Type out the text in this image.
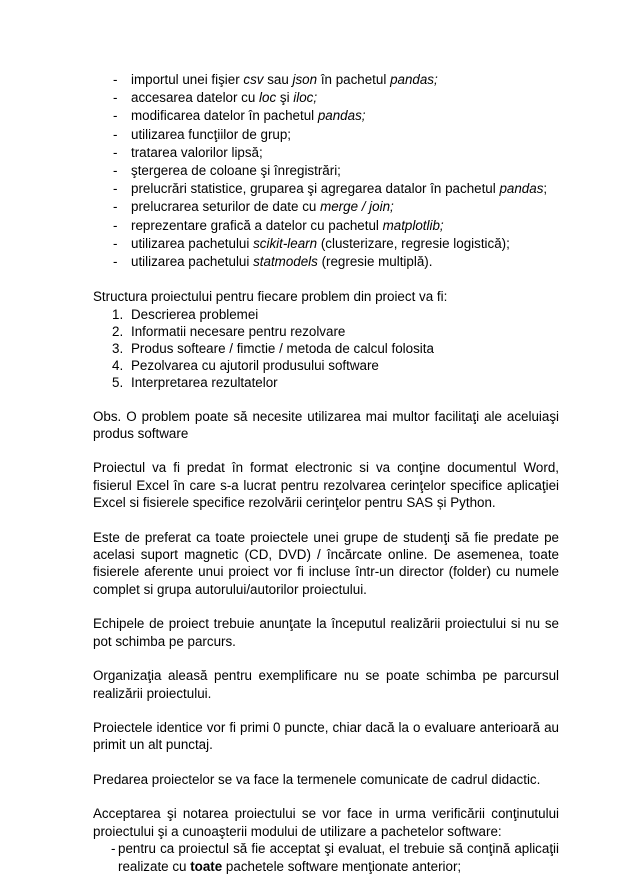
- importul unei fişier csv sau json în pachetul pandas;
- accesarea datelor cu loc şi iloc;
- modificarea datelor în pachetul pandas;
- utilizarea funcţiilor de grup;
- tratarea valorilor lipsă;
- ştergerea de coloane şi înregistrări;
- prelucrări statistice, gruparea şi agregarea datalor în pachetul pandas;
- prelucrarea seturilor de date cu merge / join;
- reprezentare grafică a datelor cu pachetul matplotlib;
- utilizarea pachetului scikit-learn (clusterizare, regresie logistică);
- utilizarea pachetului statmodels (regresie multiplă).

Structura proiectului pentru fiecare problem din proiect va fi:

1. Descrierea problemei
2. Informatii necesare pentru rezolvare
3. Produs softeare / fimctie / metoda de calcul folosita
4. Pezolvarea cu ajutoril produsului software
5. Interpretarea rezultatelor

Obs. O problem poate să necesite utilizarea mai multor facilitaţi ale aceluiaşi produs software

Proiectul va fi predat în format electronic si va conţine documentul Word, fisierul Excel în care s-a lucrat pentru rezolvarea cerinţelor specifice aplicaţiei Excel si fisierele specifice rezolvării cerinţelor pentru SAS și Python.

Este de preferat ca toate proiectele unei grupe de studenţi să fie predate pe acelasi suport magnetic (CD, DVD) / încărcate online. De asemenea, toate fisierele aferente unui proiect vor fi incluse într-un director (folder) cu numele complet si grupa autorului/autorilor proiectului.

Echipele de proiect trebuie anunţate la începutul realizării proiectului si nu se pot schimba pe parcurs.

Organizaţia aleasă pentru exemplificare nu se poate schimba pe parcursul realizării proiectului.

Proiectele identice vor fi primi 0 puncte, chiar dacă la o evaluare anterioară au primit un alt punctaj.

Predarea proiectelor se va face la termenele comunicate de cadrul didactic.

Acceptarea şi notarea proiectului se vor face in urma verificării conţinutului proiectului şi a cunoaşterii modului de utilizare a pachetelor software:

- pentru ca proiectul să fie acceptat şi evaluat, el trebuie să conţină aplicaţii realizate cu toate pachetele software menţionate anterior;
